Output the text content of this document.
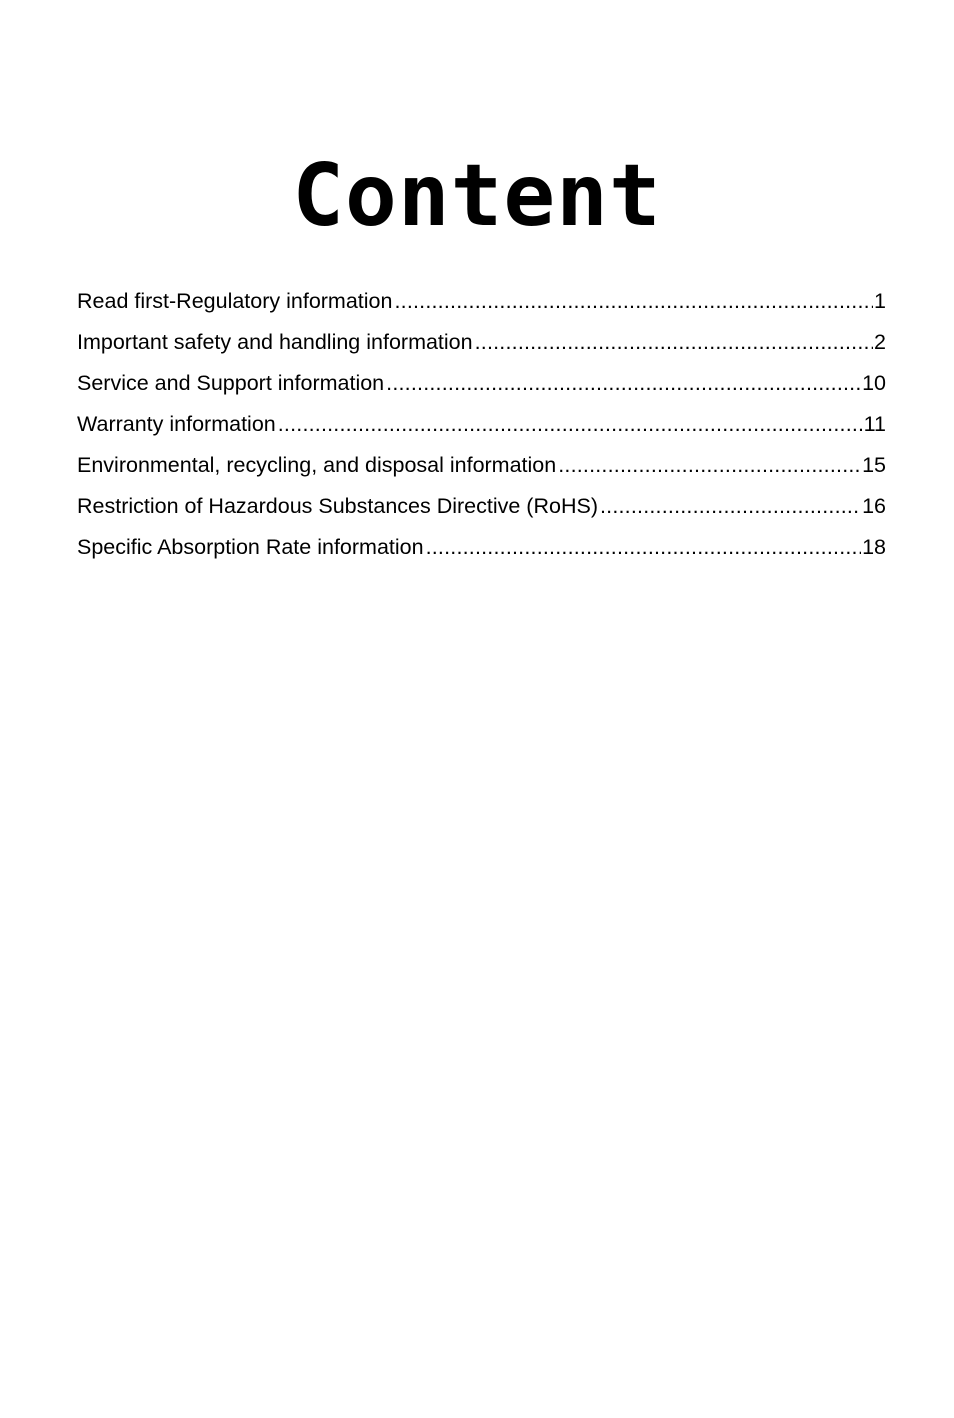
Content
Read first-Regulatory information .....	1
Important safety and handling information .....	2
Service and Support information .....	10
Warranty information .....	11
Environmental, recycling, and disposal information .....	15
Restriction of Hazardous Substances Directive (RoHS) .....	16
Specific Absorption Rate information .....	18
